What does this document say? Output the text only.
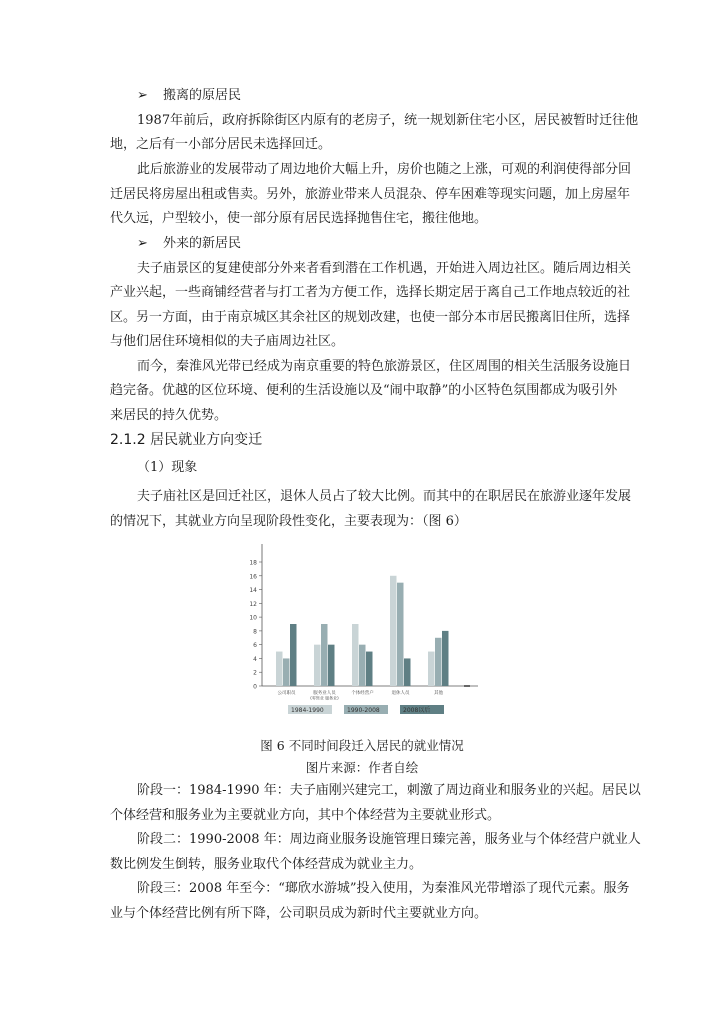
➢ 搬离的原居民
1987年前后，政府拆除街区内原有的老房子，统一规划新住宅小区，居民被暂时迁往他
地，之后有一小部分居民未选择回迁。
此后旅游业的发展带动了周边地价大幅上升，房价也随之上涨，可观的利润使得部分回
迁居民将房屋出租或售卖。另外，旅游业带来人员混杂、停车困难等现实问题，加上房屋年
代久远，户型较小，使一部分原有居民选择抛售住宅，搬往他地。
➢ 外来的新居民
夫子庙景区的复建使部分外来者看到潜在工作机遇，开始进入周边社区。随后周边相关
产业兴起，一些商铺经营者与打工者为方便工作，选择长期定居于离自己工作地点较近的社
区。另一方面，由于南京城区其余社区的规划改建，也使一部分本市居民搬离旧住所，选择
与他们居住环境相似的夫子庙周边社区。
而今，秦淮风光带已经成为南京重要的特色旅游景区，住区周围的相关生活服务设施日
趋完备。优越的区位环境、便利的生活设施以及“闹中取静”的小区特色氛围都成为吸引外
来居民的持久优势。
2.1.2 居民就业方向变迁
（1）现象
夫子庙社区是回迁社区，退休人员占了较大比例。而其中的在职居民在旅游业逐年发展
的情况下，其就业方向呈现阶段性变化，主要表现为：（图 6）
0
2
4
6
8
10
12
14
16
18
公司职员	服务业人员
(零售业 服务业)
个体经营户	退休人员	其他
1984-1990	1990-2008	2008以后
图 6 不同时间段迁入居民的就业情况
图片来源：作者自绘
阶段一：1984-1990 年：夫子庙刚兴建完工，刺激了周边商业和服务业的兴起。居民以
个体经营和服务业为主要就业方向，其中个体经营为主要就业形式。
阶段二：1990-2008 年：周边商业服务设施管理日臻完善，服务业与个体经营户就业人
数比例发生倒转，服务业取代个体经营成为就业主力。
阶段三：2008 年至今：“瑯欣水游城”投入使用，为秦淮风光带增添了现代元素。服务
业与个体经营比例有所下降，公司职员成为新时代主要就业方向。
